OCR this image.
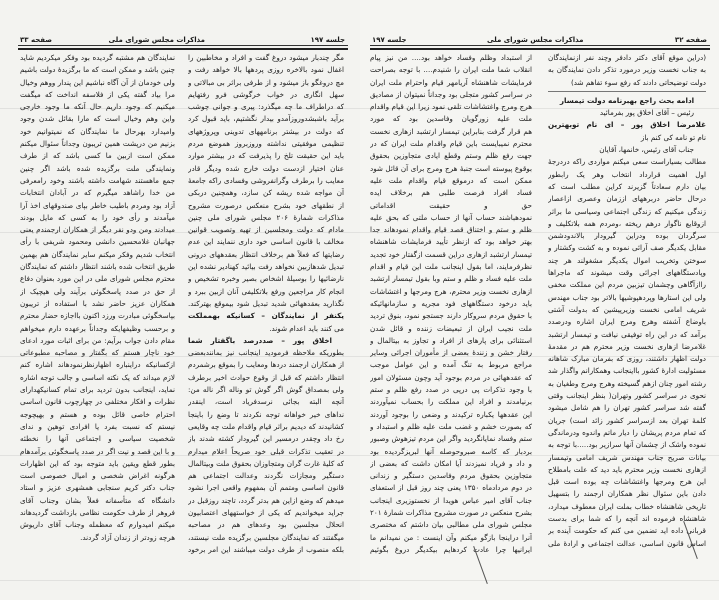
جلسه ۱۹۷
مذاکرات مجلس شورای ملی
صفحه ۳۳
مگر چندبار میشود دروغ گفت و افراد و مخاطبین را
اغفال نمود بالاخره روزی پردهها بالا خواهد رفت و
مچ دروغگو باز میشود و از طرفی براثر بی مبالاتی و
سهل انگاری در خواب خرگوشی فرو رفتهایم
که دراطراف ما چه میگذرد: پیری و جوانی چوشب
برآید باشبشدوروزآمدو بیدار نگشتیم، باید قبول کرد
که دولت در بیشتر برنامههای تدوینی وپروژههای
تنظیمی موفقیتی نداشته وروزبروز هموضع مردم
باید این حقیقت تلخ را پذیرفت که در بیشتر موارد
عنان اختیار ازدست دولت خارج شده ودیگر قادر
معایب را برطرف وگرانفروشی وفسادی راکه جامعهٔ
آن مواجه شده ریشه کن سازد، وهمچنین دربکی
از نطقهای خود بشرح منعکس درصورت مشروح
مذاکرات شمارهٔ ۲۰۶ مجلس شورای ملی چنین
مادام که دولت ومجلسین از تهیه وتصویب قوانین
مخالف با قانون اساسی خود داری ننمایند این عدم
رضایتها که فعلاً هم برخلاف انتظار بعقدههای درونی
تبدیل شدهازبین نخواهد رفت بیائید کهنادیر نشده این
نارضائیها را بوسیلهٔ اشخاص بصیر وخبره تشخیص و
انجام کار مراجعین ورفع بلاتکلیفی آنان ازبین ببرد و
نگذارید بعقدههائی شدید تبدیل شود بیموقع بهترکند.
یکنفر از نمایندگان – کسانیکه بهمملکت
می کنند باید اعدام شوند.
اخلاق پور – صددرصد باگفتار شما
بطوریکه ملاحظه فرمودید اینجانب نیز بمانندبعضی
از همکاران ارجمند دردها ومعایب را بموقع برشمردم
انتظار داشتم که قبل از وقوع حوادث اخیر برطرف
ولی بمصداق گوش اگر گوش تو وناله اگر ناله من:
آنچه البته بجائی نرسدفریاد است، اینقدر
نداهای خیر خواهانه توجه نکردند تا وضع را باینجا
کشانیدند که دیدیم براثر قیام واقدام ملت چه وقایعی
رخ داد وچقدر درمسیر این گیرودار کشته شدند باز
در تعقیب تذکرات قبلی خود صریحاً اعلام میدارم
که کلیهٔ غارت گران ومتجاوزان بحقوق ملت وبیتالمال
دستگیر ومجازات نگردند وعدالت اجتماعی هم
قانون اساسی ومتمم آن بمفهوم واقعی اجرا نشود
میدهم که وضع ازاین هم بدتر گردد، تاچند روزقبل در
جراید میخواندیم که یکی از خواستههای اعتصابیون
انحلال مجلسین بود وعدهای هم در مصاحبه
میگفتند که نمایندگان مجلسین برگزیده ملت نیستند،
بلکه منصوب از طرف دولت میباشند این امر برخود
نمایندگان هم مشتبه گردیده بود وفکر میکردیم شاید
چنین باشد و ممکن است که ما برگزیدهٔ دولت باشیم
ولی خودمان از آن آگاه نباشیم این پندار ووهم وخیال
مرا بیاد گفته یکی از فلاسفه انداخت که میگفت
میکنیم که وجود داریم حال آنکه ما وجود خارجی
واین وهم وخیال است که مارا بقائل شدن وجود
وامیدارد بهرحال ما نمایندگان که نمیتوانیم خود
بزنیم من درپشت همین تریبون وجداناً سئوال میکنم
ممکن است ازبین ما کسی باشد که از طرف
ونمایندگی ملت برگزیده شده باشد اگر چنین
جمع ماهستند شهامت داشته باشند وخود رامعرفی
من خدا راشاهد میگیرم که در آبادان انتخابات
آزاد بود ومردم باطیب خاطر بپای صندوقهای اخذ آرا
میآمدند و رأی خود را به کسی که مایل بودند
میدادند ومن ودو نفر دیگر از همکاران ارجمندم یعنی
جهانبان غلامحسین دانشی ومحمود شریفی با رأی
انتخاب شدیم وفکر میکنم سایر نمایندگان هم بهمین
طریق انتخاب شده باشند انتظار داشتم که نمایندگان
محترم مجلس شورای ملی در این مورد بعنوان دفاع
از حق در صدد پاسخگوئی برآیند ولی هیچیک از
همکاران عزیز حاضر نشد با استفاده از تریبون
بپاسخگوئی مبادرت ورزد اکنون بااجازه حضار محترم
و برحسب وظیفهایکه وجداناً برعهده دارم میخواهم
مقام دادن جواب برآیم: من برای اثبات مورد ادعای
خود ناچار هستم که بگفتار و مصاحبه مطبوعاتی
ازکسانیکه دراینباره اظهارنظرنمودهاند اشاره کنم
لازم میداند که یک نکته اساسی و جالب توجه اشاره
نماید، اینجانب بدون تردید برای تمام کسانیکهدارای
نظرات و افکار مختلفی در چهارچوب قانون اساسی
احترام خاصی قائل بوده و هستم و بهیچوجه
نیستم که نسبت بفرد یا افرادی توهین و ندای
شخصیت سیاسی و اجتماعی آنها را نخطئه
و با این قصد و نیت اگر در صدد پاسخگوئی برآمدهام
بطور قطع ویقین باید متوجه بود که این اظهارات
هرگونه اغراض شخصی و امیال خصوصی است
جناب دکتر کریم سنجابی همشهری عزیز و استاد
دانشگاه که متأسفانه فعلاً بشان وجناب آقای
فروهر از طرف حکومت نظامی بازداشت گردیدهاند
میکنم امیدوارم که معظمله وجناب آقای داریوش
هرچه زودتر از زندان آزاد گردند.
جلسه ۱۹۷	مذاکرات مجلس شورای ملی	صفحه ۳۲
(دراین موقع آقای دکتر دادفر وچند نفر ازنمایندگان
به جناب نخست وزیر درمورد تذکر دادن نمایندگان به
دولت توضیحاتی دادند که رفع سوء تفاهم شد)
ادامه بحث راجع بهبرنامه دولت تیمسار
رئیس – آقای اخلاق پور بفرمائید
غلامرضا اخلاق پور – ای نام توبهترین
نام تو نامه کی کنم باز
جناب آقای رئیس، خانمها، آقایان
مطالب بسیاراست سعی میکنم مواردی راکه دردرجهٔ
اول اهمیت قرارداد انتخاب وهر یک رابطور
بیان دارم سعادتاً گزیرند کراین مطلب است که
درحال حاضر دربرههای اززمان وعصری ازاعصار
زندگی میکنیم که زندگی اجتماعی وسیاسی ما براثر
ازوقایع ناگوار درهم ریخته ،ومردم همه بلاتکلیف و
سرگردان بوده ودراین گیرودار بالاندودشمن
مقابل یکدیگر صف آرائی نموده و به کشت وکشتار و
سوختن وتخریب اموال یکدیگر مشغولند هر چند
وپادستگاههای اجرائی وقت میشوند که ماجراها
راازآگاهی وچشمان تیزبین مردم این مملکت مخفی
ولی این استارها وپردهپوشیها بالاتر بود جناب مهندس
شریف امامی نخست وزیرپیشین که بدولت آشتی
باوضاع آشفته وهرج ومرج ایران اشاره ودرصدد
برآمد که در این راه توفیقی نیافت و تیمسار ارتشبد
غلامرضا ازهاری نخست وزیر محترم هم در مقدمهٔ
دولت اظهار داشتند، روزی که بفرمان مبارک شاهانه
مسئولیت ادارهٔ کشور بااینجانب وهمکارانم واگذار شد
رشته امور چنان ازهم گسیخته وهرج ومرج وطغیان به
نحوی در سراسر کشور وتهران( بنظر اینجانب وقتی
گفته شد سراسر کشور تهران را هم شامل میشود
کلمهٔ تهران بعد ازسراسر کشور زائد است) جریان
که تمام مردم پریشان را دیار ماتم واندوه ودرماندگی
نموده واشک از چشمان آنها سرازیر بود.....با توجه به
بیانات صریح جناب مهندس شریف امامی وتیمسار
ازهاری نخست وزیر محترم باید دید که علت بامطلاح
این هرج ومرجها واغتشاشات چه بوده است قبل
دادن باین سئوال نظر همکاران ارجمند را بتسهیل
تاریخی شاهنشاه خطاب بملت ایران معطوف میدارد،
شاهنشاه فرموده اند آنچه را که شما برای بدست
قربانی داده اید تضمین می کنم که حکومت آینده بر
اساس قانون اساسی، عدالت اجتماعی و ارادهٔ ملی
از استبداد وظلم وفساد خواهد بود.... من نیز پیام
انقلاب شما ملت ایران را شنیدم.... با توجه بصراحت
فرمایشات شاهنشاه آریامهر قیام واحترام ملت ایران
در سراسر کشور متجلی بود وجداناً نمیتوان از مصادیق
هرج ومرج واغتشاشات تلقی نمود زیرا این قیام واقدام
ملت علیه زورگویان وفاسدین بود که مورد
هم قرار گرفت بنابراین تیمسار ارتشبد ازهاری نخست
محترم نمیبایست باین قیام واقدام ملت ایران که در
جهت رفع ظلم وستم وقطع ایادی متجاوزین بحقوق
بوقوع پیوسته است جنبهٔ هرج ومرج برای آن قائل شود
ممکن است که درموقع قیام واقدام ملت علیه
فساد افراد فرصت طلبی هم برخلاف ایده
حق و حقیقت اقداماتی
نمودهباشند حساب آنها از حساب ملتی که بحق علیه
ظلم و ستم و اختناق قصد قیام واقدام نمودهاند جدا
بهتر خواهد بود که ازنظر تأیید فرمایشات شاهنشاه
تیمسار ارتشبد ازهاری دراین قسمت ازگفتار خود تجدید
نظرفرمایند، اما بقول اینجانب ملت این قیام و اقدام
ملت علیه فساد و ظلم و ستم وبا بقول تیمسار ارتشبد
ازهاری نخست وزیر محترم، هرج ومرجها و اغتشاشات
باید درخود دستگاههای فود مجریه و سازمانهائیکه
با حقوق مردم سروکار دارند جستجو نمود، بنوق تردید
ملت نجیب ایران از تبعیضات زننده و قائل شدن
استثنائی برای پارهای از افراد و تجاوز به بیتالمال و
رفتار خشن و زنندهٔ بعضی از مأموران اجرائی وسایر
مراجع مربوط به تنگ آمده و این عوامل موجب
که عقدههائی در مردم بوجود آید وچون مسئولان امور
با وجود تذکرات پی درپی در صدد رفع ظلم و ستم
برنیامدند و افراد این مملکت را بحساب نمیآوردند
این عقدهها یکباره ترکیدند و وضعی را بوجود آوردند
که بصورت خشم و غضب ملت علیه ظلم و استبداد و
ستم وفساد نمایانگردید واگر این مردم تیزهوش وصبور
بردبار که کاسه صبروحوصله آنها لبریزگردیده بود
و داد و فریاد نمیزدند آیا امکان داشت که بعضی از
متجاوزین بحقوق مردم وفاسدین دستگیر و زندانی
در دوم مردادماه ۱۳۵۰ یعنی چند روز قبل از استعفای
جناب آقای امیر عباس هویدا از نخستوزیری اینجانب
بشرح منعکس در صورت مشروح مذاکرات شمارهٔ ۲۰۱
مجلس شورای ملی مطالبی بیان داشتم که مختصری
آنرا دراینجا بازگو میکنم وآن اینست : من نمیدانم ما
ایرانیها چرا عادت کردهایم بیکدیگر دروغ بگوئیم
